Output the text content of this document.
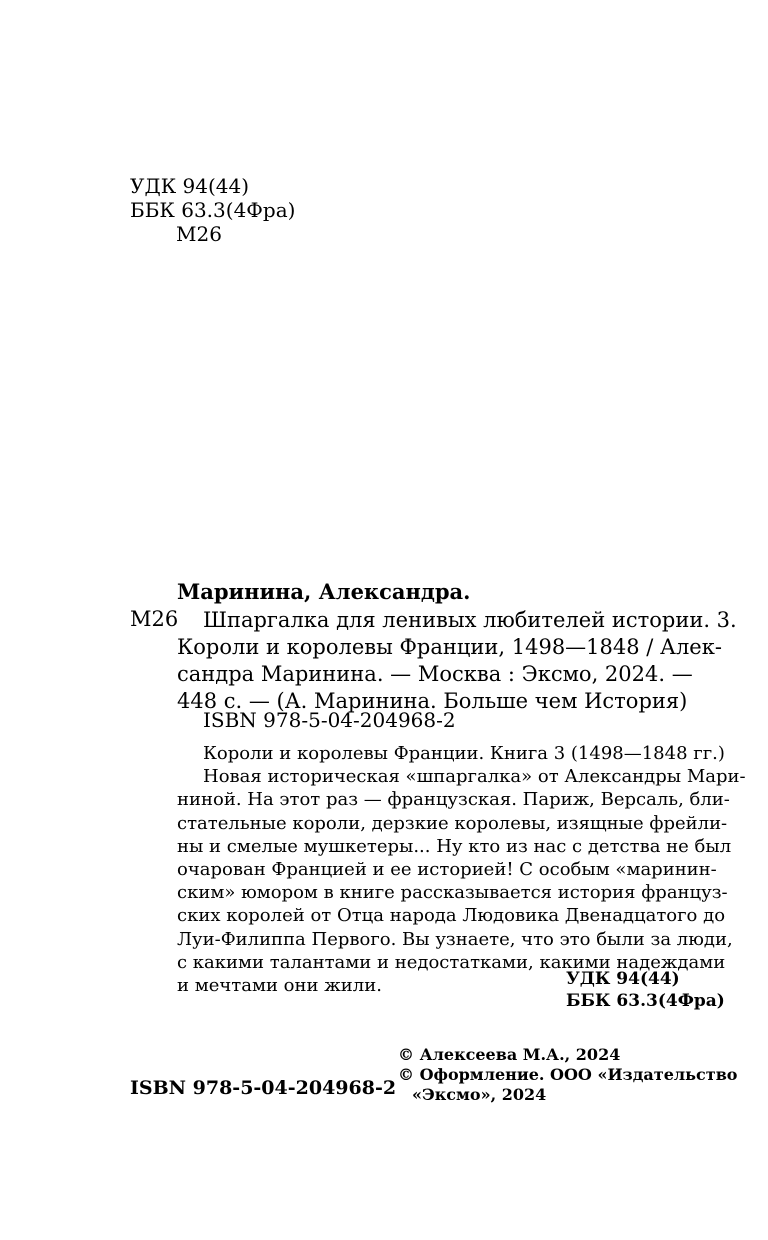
УДК 94(44)
ББК 63.3(4Фра)
М26
Маринина, Александра.
М26 Шпаргалка для ленивых любителей истории. 3.
Короли и королевы Франции, 1498—1848 / Алек-
сандра Маринина. — Москва : Эксмо, 2024. —
448 с. — (А. Маринина. Больше чем История)
ISBN 978-5-04-204968-2
Короли и королевы Франции. Книга 3 (1498—1848 гг.)
Новая историческая «шпаргалка» от Александры Мари-
ниной. На этот раз — французская. Париж, Версаль, бли-
стательные короли, дерзкие королевы, изящные фрейли-
ны и смелые мушкетеры... Ну кто из нас с детства не был
очарован Францией и ее историей! С особым «маринин-
ским» юмором в книге рассказывается история француз-
ских королей от Отца народа Людовика Двенадцатого до
Луи-Филиппа Первого. Вы узнаете, что это были за люди,
с какими талантами и недостатками, какими надеждами
и мечтами они жили.	УДК 94(44)
ББК 63.3(4Фра)
© Алексеева М.А., 2024
© Оформление. ООО «Издательство
«Эксмо», 2024
ISBN 978-5-04-204968-2
